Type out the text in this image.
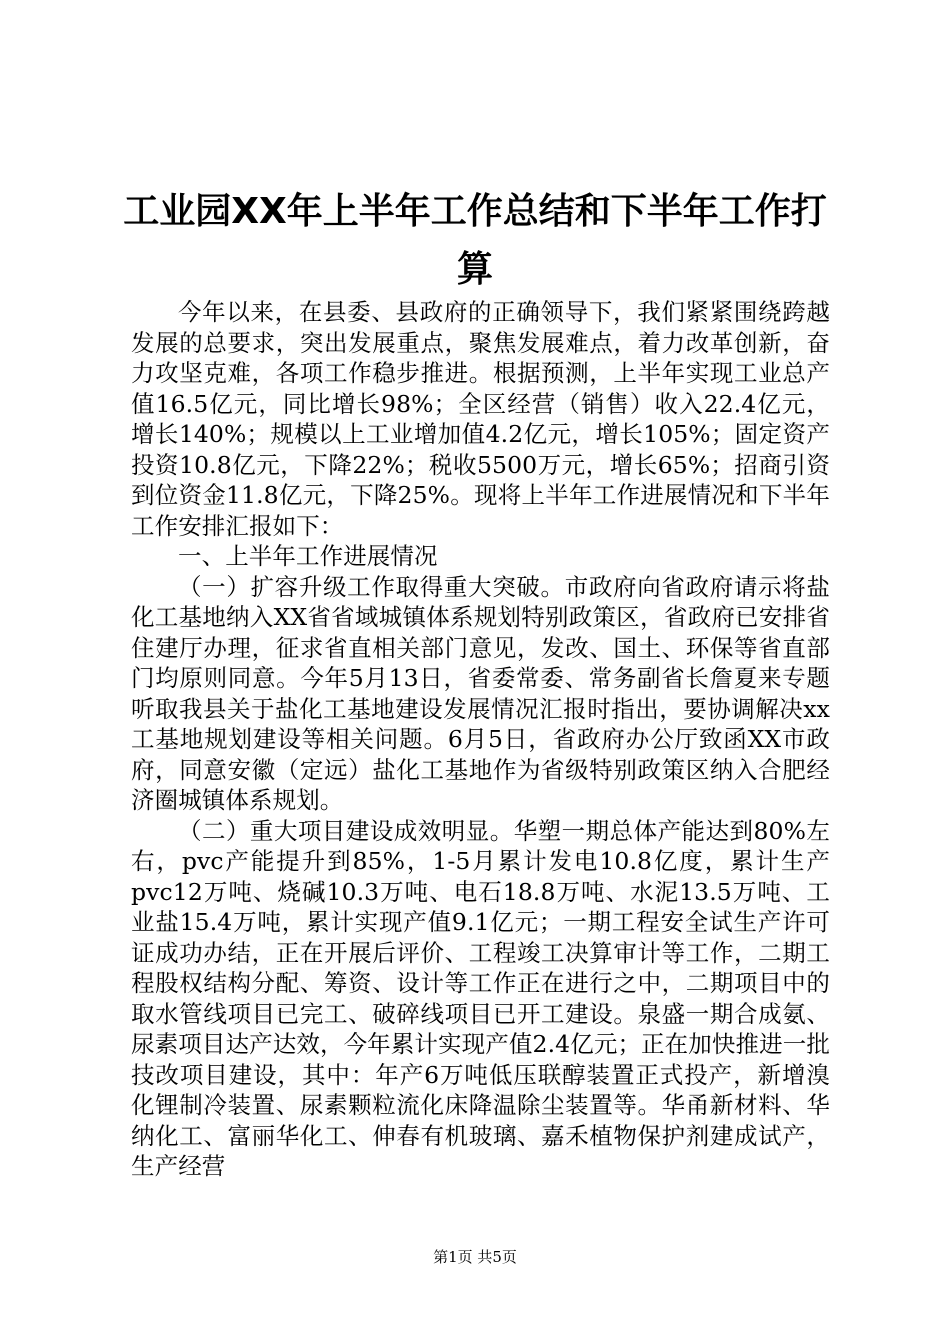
工业园XX年上半年工作总结和下半年工作打算

今年以来，在县委、县政府的正确领导下，我们紧紧围绕跨越发展的总要求，突出发展重点，聚焦发展难点，着力改革创新，奋力攻坚克难，各项工作稳步推进。根据预测，上半年实现工业总产值16.5亿元，同比增长98%；全区经营（销售）收入22.4亿元，增长140%；规模以上工业增加值4.2亿元，增长105%；固定资产投资10.8亿元，下降22%；税收5500万元，增长65%；招商引资到位资金11.8亿元，下降25%。现将上半年工作进展情况和下半年工作安排汇报如下：

一、上半年工作进展情况

（一）扩容升级工作取得重大突破。市政府向省政府请示将盐化工基地纳入XX省省域城镇体系规划特别政策区，省政府已安排省住建厅办理，征求省直相关部门意见，发改、国土、环保等省直部门均原则同意。今年5月13日，省委常委、常务副省长詹夏来专题听取我县关于盐化工基地建设发展情况汇报时指出，要协调解决xx工基地规划建设等相关问题。6月5日，省政府办公厅致函XX市政府，同意安徽（定远）盐化工基地作为省级特别政策区纳入合肥经济圈城镇体系规划。

（二）重大项目建设成效明显。华塑一期总体产能达到80%左右，pvc产能提升到85%，1-5月累计发电10.8亿度，累计生产pvc12万吨、烧碱10.3万吨、电石18.8万吨、水泥13.5万吨、工业盐15.4万吨，累计实现产值9.1亿元；一期工程安全试生产许可证成功办结，正在开展后评价、工程竣工决算审计等工作，二期工程股权结构分配、筹资、设计等工作正在进行之中，二期项目中的取水管线项目已完工、破碎线项目已开工建设。泉盛一期合成氨、尿素项目达产达效，今年累计实现产值2.4亿元；正在加快推进一批技改项目建设，其中：年产6万吨低压联醇装置正式投产，新增溴化锂制冷装置、尿素颗粒流化床降温除尘装置等。华甬新材料、华纳化工、富丽华化工、伸春有机玻璃、嘉禾植物保护剂建成试产，生产经营

第1页 共5页
